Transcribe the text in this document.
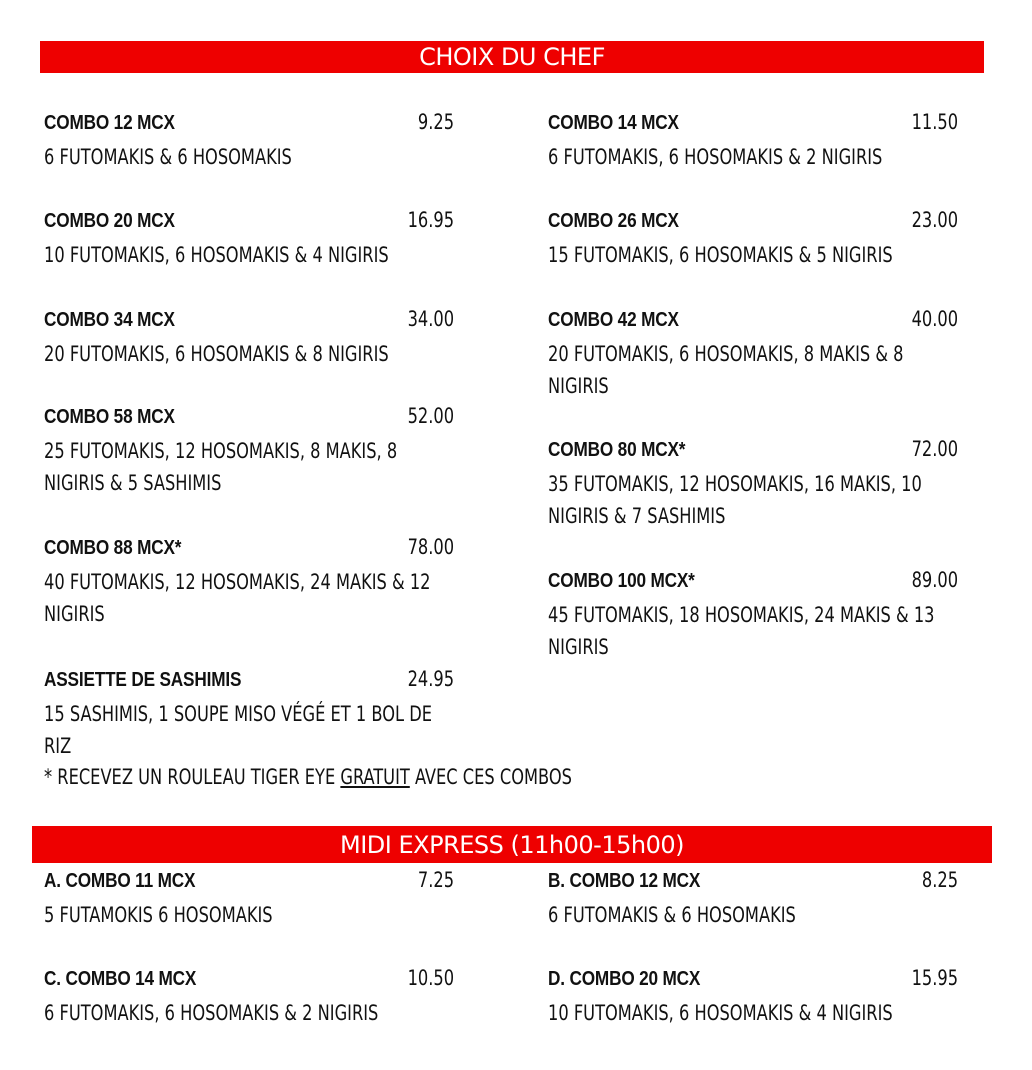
CHOIX DU CHEF
COMBO 12 MCX	9.25
6 FUTOMAKIS & 6 HOSOMAKIS
COMBO 20 MCX	16.95
10 FUTOMAKIS, 6 HOSOMAKIS & 4 NIGIRIS
COMBO 34 MCX	34.00
20 FUTOMAKIS, 6 HOSOMAKIS & 8 NIGIRIS
COMBO 58 MCX	52.00
25 FUTOMAKIS, 12 HOSOMAKIS, 8 MAKIS, 8 NIGIRIS & 5 SASHIMIS
COMBO 88 MCX*	78.00
40 FUTOMAKIS, 12 HOSOMAKIS, 24 MAKIS & 12 NIGIRIS
ASSIETTE DE SASHIMIS	24.95
15 SASHIMIS, 1 SOUPE MISO VÉGÉ ET 1 BOL DE RIZ
COMBO 14 MCX	11.50
6 FUTOMAKIS, 6 HOSOMAKIS & 2 NIGIRIS
COMBO 26 MCX	23.00
15 FUTOMAKIS, 6 HOSOMAKIS & 5 NIGIRIS
COMBO 42 MCX	40.00
20 FUTOMAKIS, 6 HOSOMAKIS, 8 MAKIS & 8 NIGIRIS
COMBO 80 MCX*	72.00
35 FUTOMAKIS, 12 HOSOMAKIS, 16 MAKIS, 10 NIGIRIS & 7 SASHIMIS
COMBO 100 MCX*	89.00
45 FUTOMAKIS, 18 HOSOMAKIS, 24 MAKIS & 13 NIGIRIS
* RECEVEZ UN ROULEAU TIGER EYE GRATUIT AVEC CES COMBOS
MIDI EXPRESS (11h00-15h00)
A. COMBO 11 MCX	7.25
5 FUTAMOKIS 6 HOSOMAKIS
C. COMBO 14 MCX	10.50
6 FUTOMAKIS, 6 HOSOMAKIS & 2 NIGIRIS
B. COMBO 12 MCX	8.25
6 FUTOMAKIS & 6 HOSOMAKIS
D. COMBO 20 MCX	15.95
10 FUTOMAKIS, 6 HOSOMAKIS & 4 NIGIRIS
